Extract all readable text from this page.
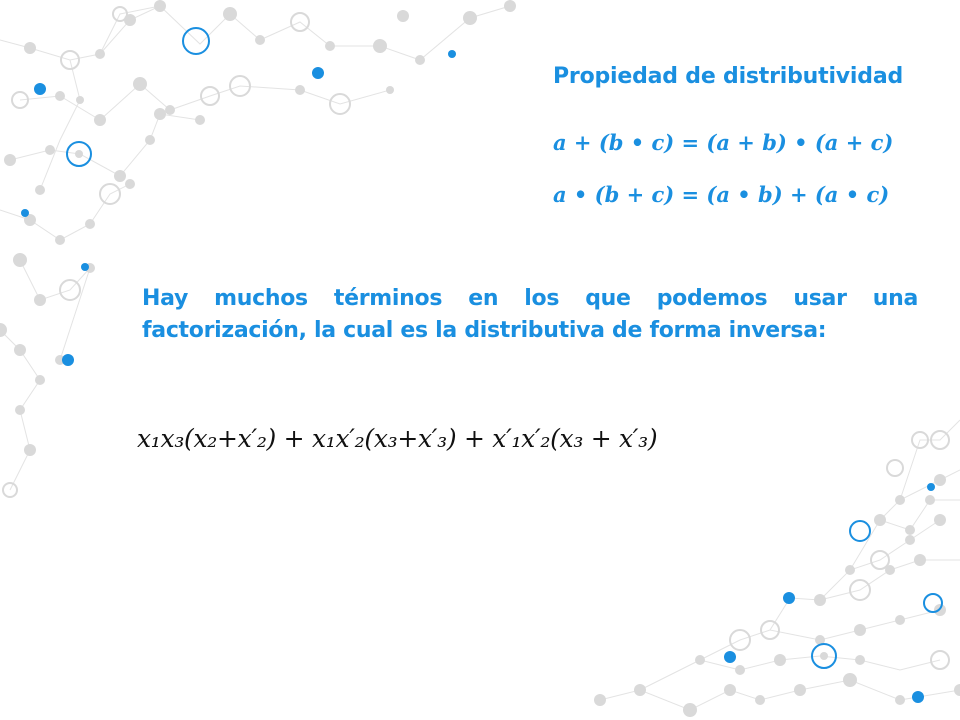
Propiedad de distributividad
a + (b • c) = (a + b) • (a + c)
a • (b + c) = (a • b) + (a • c)
Hay muchos términos en los que podemos usar una factorización, la cual es la distributiva de forma inversa:
x₁x₃(x₂+x′₂) + x₁x′₂(x₃+x′₃) + x′₁x′₂(x₃ + x′₃)
